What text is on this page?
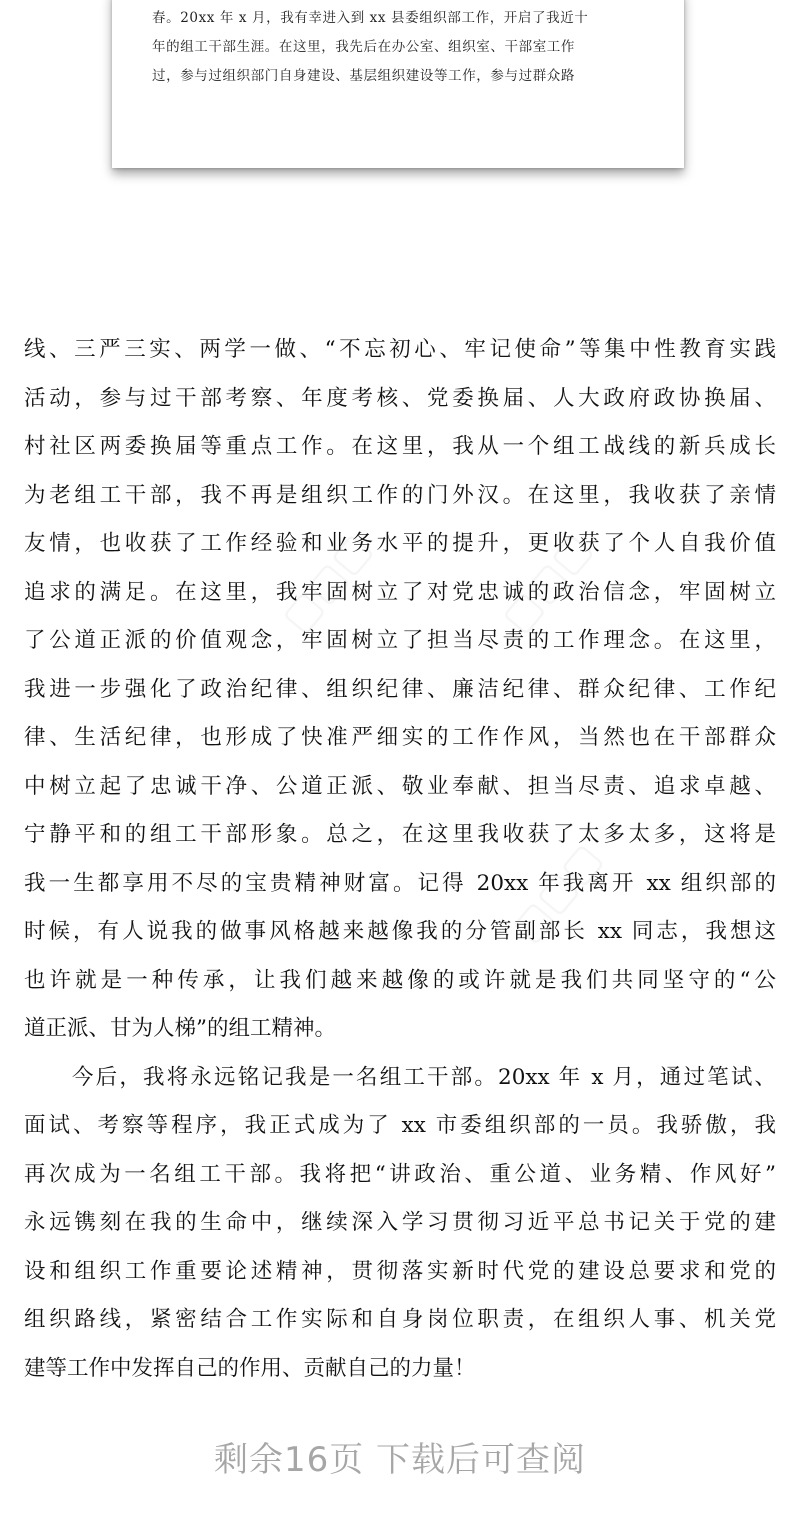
春。20xx 年 x 月，我有幸进入到 xx 县委组织部工作，开启了我近十
年的组工干部生涯。在这里，我先后在办公室、组织室、干部室工作
过，参与过组织部门自身建设、基层组织建设等工作，参与过群众路
▢▢▢	▢▢▢
▢▢▢
线、三严三实、两学一做、“不忘初心、牢记使命”等集中性教育实践
活动，参与过干部考察、年度考核、党委换届、人大政府政协换届、
村社区两委换届等重点工作。在这里，我从一个组工战线的新兵成长
为老组工干部，我不再是组织工作的门外汉。在这里，我收获了亲情
友情，也收获了工作经验和业务水平的提升，更收获了个人自我价值
追求的满足。在这里，我牢固树立了对党忠诚的政治信念，牢固树立
了公道正派的价值观念，牢固树立了担当尽责的工作理念。在这里，
我进一步强化了政治纪律、组织纪律、廉洁纪律、群众纪律、工作纪
律、生活纪律，也形成了快准严细实的工作作风，当然也在干部群众
中树立起了忠诚干净、公道正派、敬业奉献、担当尽责、追求卓越、
宁静平和的组工干部形象。总之，在这里我收获了太多太多，这将是
我一生都享用不尽的宝贵精神财富。记得 20xx 年我离开 xx 组织部的
时候，有人说我的做事风格越来越像我的分管副部长 xx 同志，我想这
也许就是一种传承，让我们越来越像的或许就是我们共同坚守的“公
道正派、甘为人梯”的组工精神。
今后，我将永远铭记我是一名组工干部。20xx 年 x 月，通过笔试、
面试、考察等程序，我正式成为了 xx 市委组织部的一员。我骄傲，我
再次成为一名组工干部。我将把“讲政治、重公道、业务精、作风好”
永远镌刻在我的生命中，继续深入学习贯彻习近平总书记关于党的建
设和组织工作重要论述精神，贯彻落实新时代党的建设总要求和党的
组织路线，紧密结合工作实际和自身岗位职责，在组织人事、机关党
建等工作中发挥自己的作用、贡献自己的力量！
剩余16页 下载后可查阅
